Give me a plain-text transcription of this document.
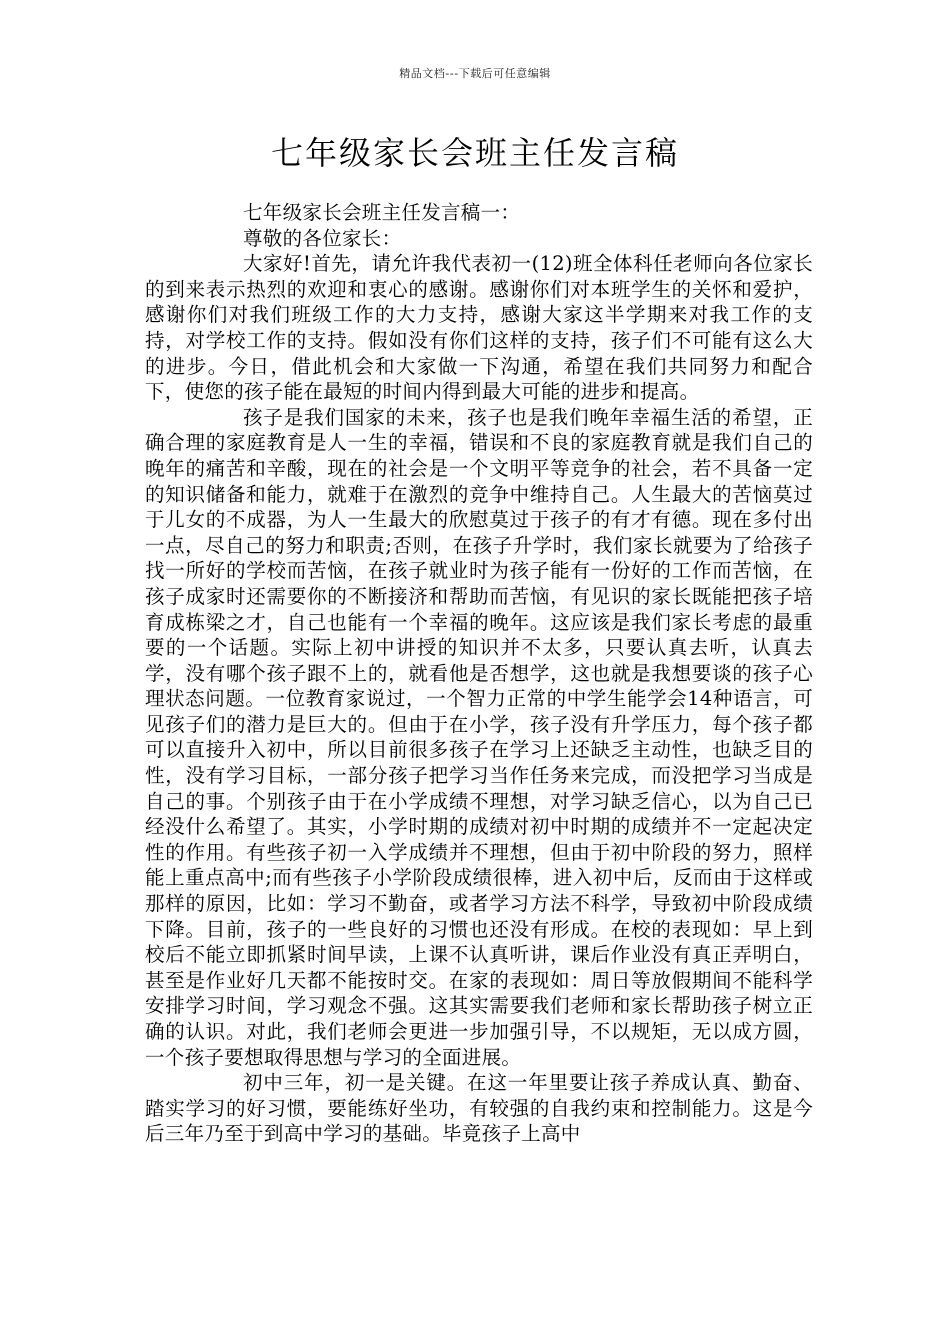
精品文档---下载后可任意编辑
七年级家长会班主任发言稿

七年级家长会班主任发言稿一：

尊敬的各位家长：

大家好!首先，请允许我代表初一(12)班全体科任老师向各位家长的到来表示热烈的欢迎和衷心的感谢。感谢你们对本班学生的关怀和爱护，感谢你们对我们班级工作的大力支持，感谢大家这半学期来对我工作的支持，对学校工作的支持。假如没有你们这样的支持，孩子们不可能有这么大的进步。今日，借此机会和大家做一下沟通，希望在我们共同努力和配合下，使您的孩子能在最短的时间内得到最大可能的进步和提高。

孩子是我们国家的未来，孩子也是我们晚年幸福生活的希望，正确合理的家庭教育是人一生的幸福，错误和不良的家庭教育就是我们自己的晚年的痛苦和辛酸，现在的社会是一个文明平等竞争的社会，若不具备一定的知识储备和能力，就难于在激烈的竞争中维持自己。人生最大的苦恼莫过于儿女的不成器，为人一生最大的欣慰莫过于孩子的有才有德。现在多付出一点，尽自己的努力和职责;否则，在孩子升学时，我们家长就要为了给孩子找一所好的学校而苦恼，在孩子就业时为孩子能有一份好的工作而苦恼，在孩子成家时还需要你的不断接济和帮助而苦恼，有见识的家长既能把孩子培育成栋梁之才，自己也能有一个幸福的晚年。这应该是我们家长考虑的最重要的一个话题。实际上初中讲授的知识并不太多，只要认真去听，认真去学，没有哪个孩子跟不上的，就看他是否想学，这也就是我想要谈的孩子心理状态问题。一位教育家说过，一个智力正常的中学生能学会14种语言，可见孩子们的潜力是巨大的。但由于在小学，孩子没有升学压力，每个孩子都可以直接升入初中，所以目前很多孩子在学习上还缺乏主动性，也缺乏目的性，没有学习目标，一部分孩子把学习当作任务来完成，而没把学习当成是自己的事。个别孩子由于在小学成绩不理想，对学习缺乏信心，以为自己已经没什么希望了。其实，小学时期的成绩对初中时期的成绩并不一定起决定性的作用。有些孩子初一入学成绩并不理想，但由于初中阶段的努力，照样能上重点高中;而有些孩子小学阶段成绩很棒，进入初中后，反而由于这样或那样的原因，比如：学习不勤奋，或者学习方法不科学，导致初中阶段成绩下降。目前，孩子的一些良好的习惯也还没有形成。在校的表现如：早上到校后不能立即抓紧时间早读，上课不认真听讲，课后作业没有真正弄明白，甚至是作业好几天都不能按时交。在家的表现如：周日等放假期间不能科学安排学习时间，学习观念不强。这其实需要我们老师和家长帮助孩子树立正确的认识。对此，我们老师会更进一步加强引导，不以规矩，无以成方圆，一个孩子要想取得思想与学习的全面进展。

初中三年，初一是关键。在这一年里要让孩子养成认真、勤奋、踏实学习的好习惯，要能练好坐功，有较强的自我约束和控制能力。这是今后三年乃至于到高中学习的基础。毕竟孩子上高中
